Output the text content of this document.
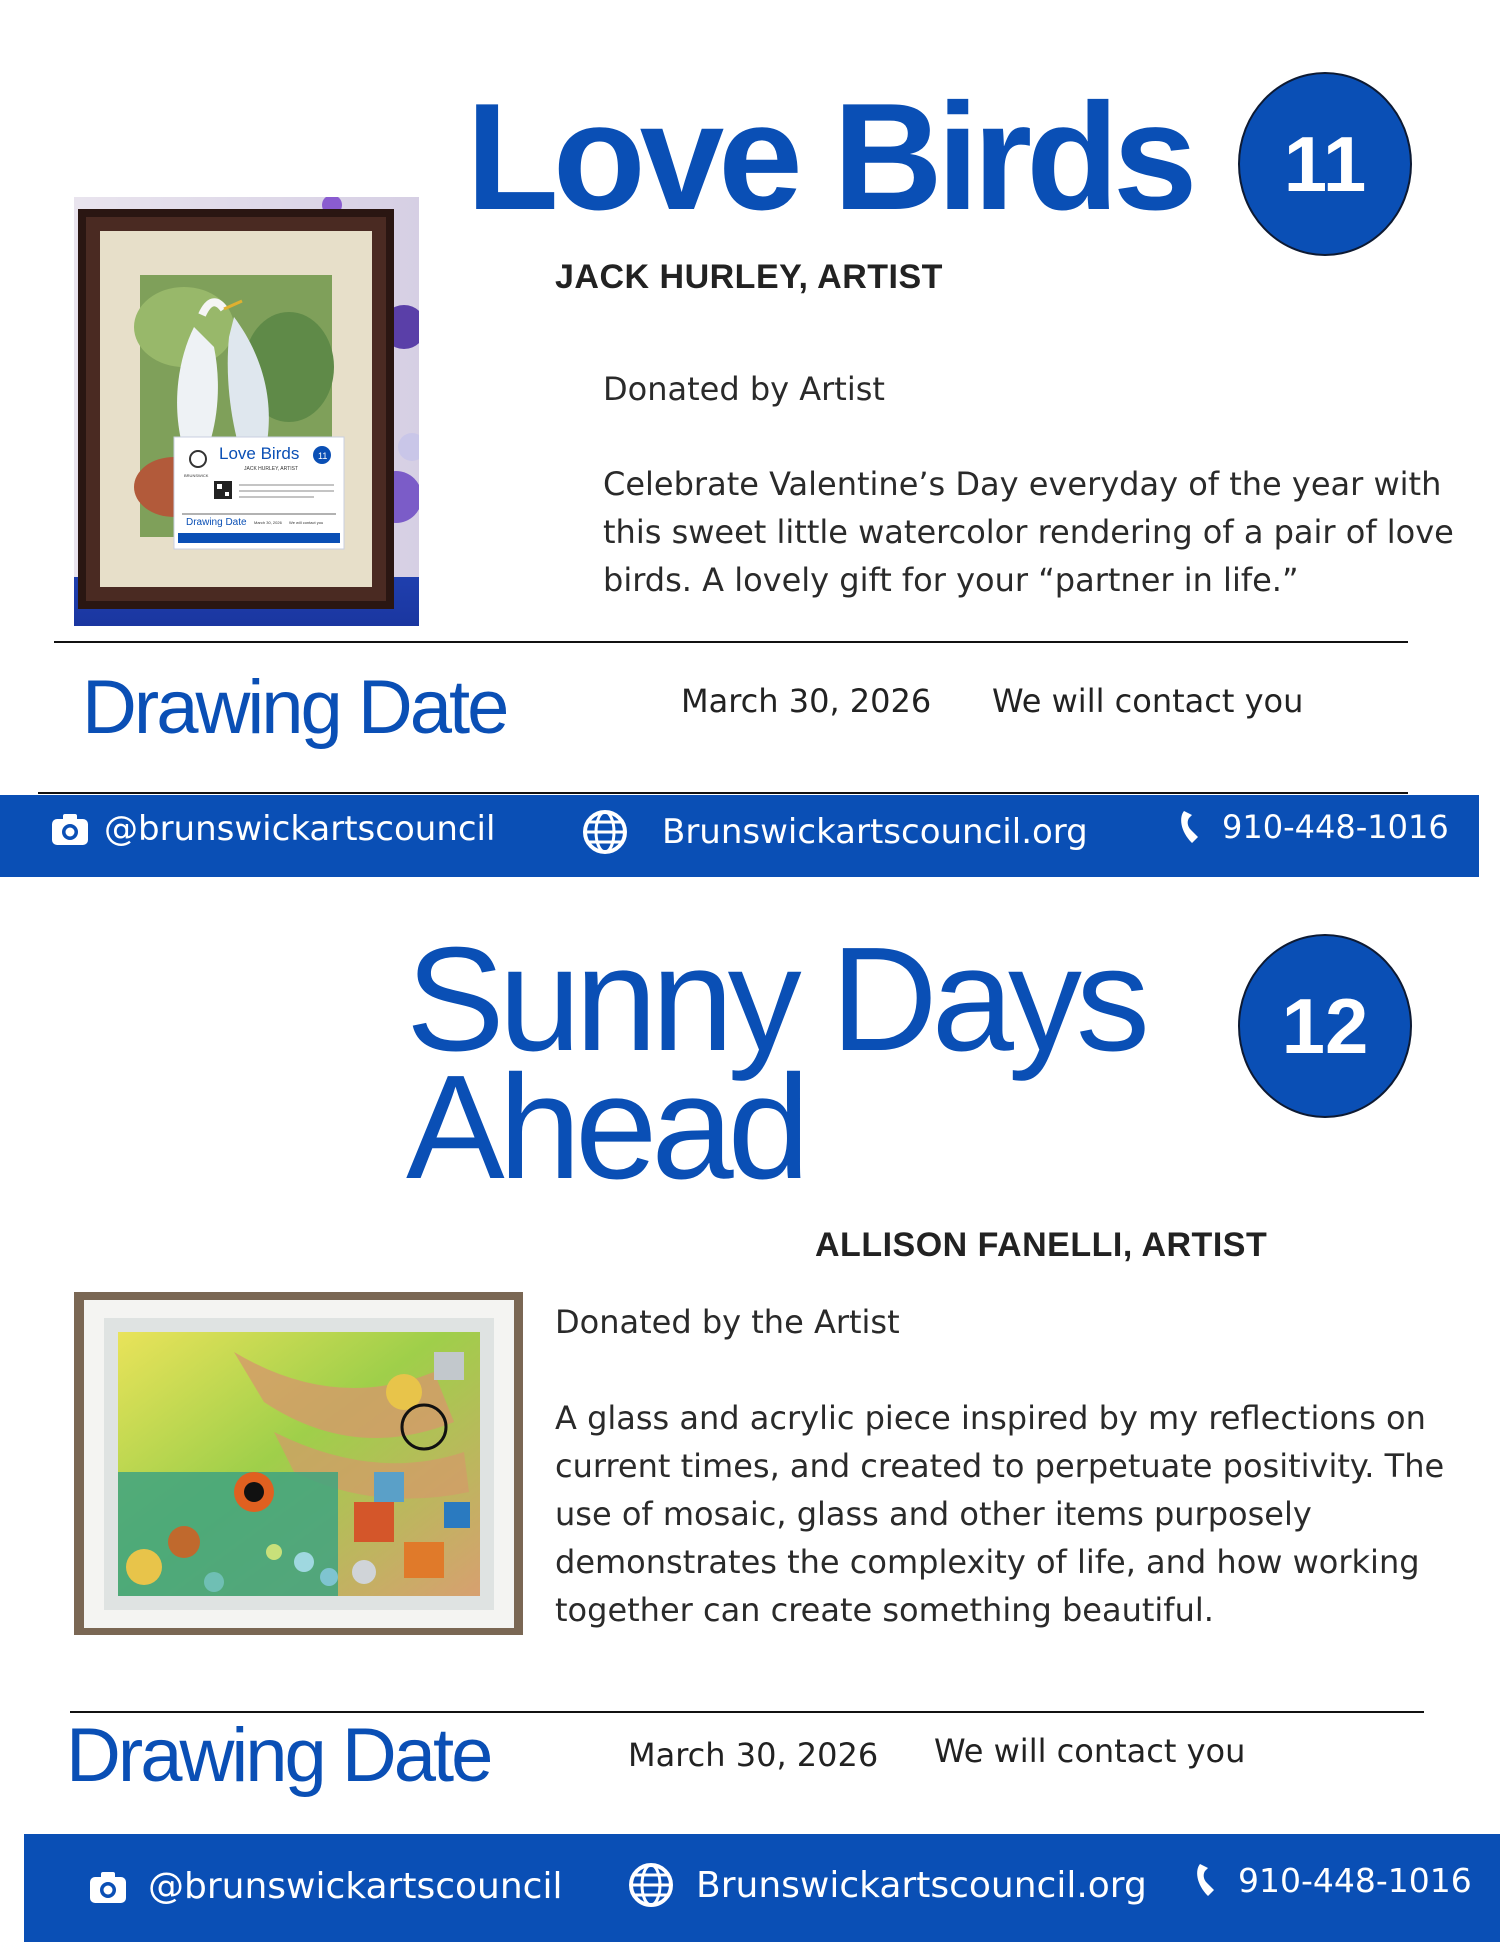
Love Birds 11
JACK HURLEY, ARTIST
Love Birds 11
JACK HURLEY, ARTIST
BRUNSWICK
Drawing Date March 30, 2026 We will contact you
Donated by Artist
Celebrate Valentine’s Day everyday of the year with this sweet little watercolor rendering of a pair of love birds. A lovely gift for your “partner in life.”
Drawing Date	March 30, 2026 We will contact you
@brunswickartscouncil	Brunswickartscouncil.org	910-448-1016
Sunny Days
Ahead
12
ALLISON FANELLI, ARTIST
Donated by the Artist
A glass and acrylic piece inspired by my reflections on current times, and created to perpetuate positivity. The use of mosaic, glass and other items purposely demonstrates the complexity of life, and how working together can create something beautiful.
Drawing Date	March 30, 2026 We will contact you
@brunswickartscouncil	Brunswickartscouncil.org	910-448-1016
